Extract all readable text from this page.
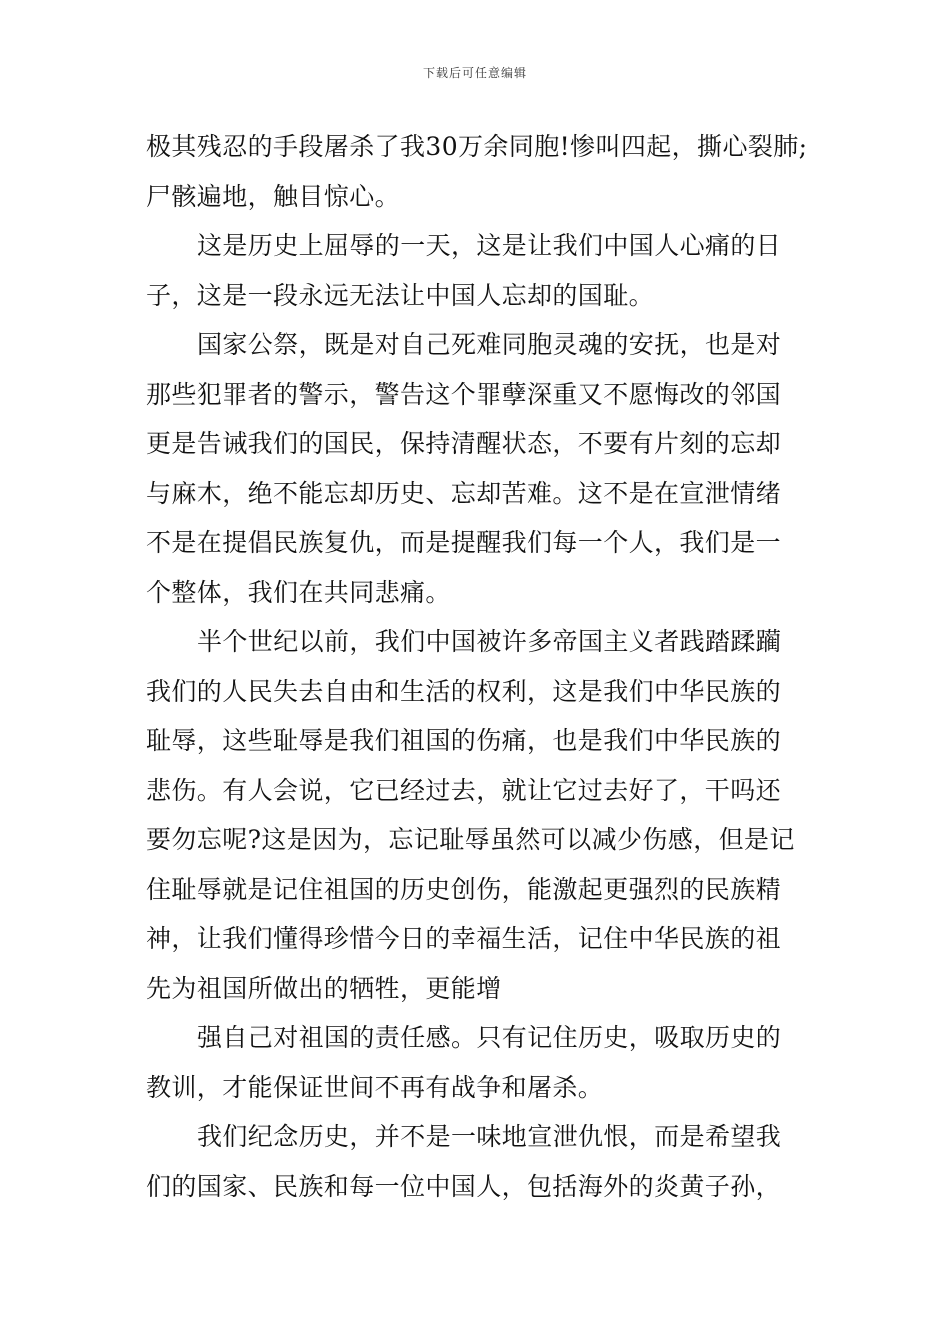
下载后可任意编辑
极其残忍的手段屠杀了我30万余同胞!惨叫四起，撕心裂肺;
尸骸遍地，触目惊心。
这是历史上屈辱的一天，这是让我们中国人心痛的日
子，这是一段永远无法让中国人忘却的国耻。
国家公祭，既是对自己死难同胞灵魂的安抚，也是对
那些犯罪者的警示，警告这个罪孽深重又不愿悔改的邻国
更是告诫我们的国民，保持清醒状态，不要有片刻的忘却
与麻木，绝不能忘却历史、忘却苦难。这不是在宣泄情绪
不是在提倡民族复仇，而是提醒我们每一个人，我们是一
个整体，我们在共同悲痛。
半个世纪以前，我们中国被许多帝国主义者践踏蹂躏
我们的人民失去自由和生活的权利，这是我们中华民族的
耻辱，这些耻辱是我们祖国的伤痛，也是我们中华民族的
悲伤。有人会说，它已经过去，就让它过去好了，干吗还
要勿忘呢?这是因为，忘记耻辱虽然可以减少伤感，但是记
住耻辱就是记住祖国的历史创伤，能激起更强烈的民族精
神，让我们懂得珍惜今日的幸福生活，记住中华民族的祖
先为祖国所做出的牺牲，更能增
强自己对祖国的责任感。只有记住历史，吸取历史的
教训，才能保证世间不再有战争和屠杀。
我们纪念历史，并不是一味地宣泄仇恨，而是希望我
们的国家、民族和每一位中国人，包括海外的炎黄子孙，
